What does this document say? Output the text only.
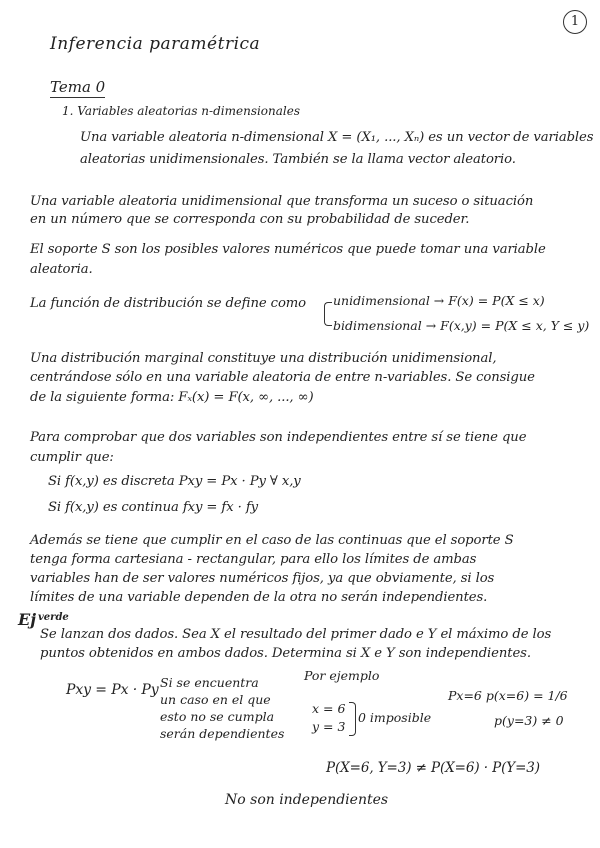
1
Inferencia paramétrica
Tema 0
1. Variables aleatorias n-dimensionales
Una variable aleatoria n-dimensional X = (X₁, ..., Xₙ) es un vector de variables
aleatorias unidimensionales. También se la llama vector aleatorio.
Una variable aleatoria unidimensional que transforma un suceso o situación
en un número que se corresponda con su probabilidad de suceder.
El soporte S son los posibles valores numéricos que puede tomar una variable
aleatoria.
La función de distribución se define como unidimensional → F(x) = P(X ≤ x)
bidimensional → F(x,y) = P(X ≤ x, Y ≤ y)
Una distribución marginal constituye una distribución unidimensional,
centrándose sólo en una variable aleatoria de entre n-variables. Se consigue
de la siguiente forma: Fₓ(x) = F(x, ∞, ..., ∞)
Para comprobar que dos variables son independientes entre sí se tiene que
cumplir que:
Si f(x,y) es discreta Pxy = Px · Py ∀ x,y
Si f(x,y) es continua fxy = fx · fy
Además se tiene que cumplir en el caso de las continuas que el soporte S
tenga forma cartesiana - rectangular, para ello los límites de ambas
variables han de ser valores numéricos fijos, ya que obviamente, si los
límites de una variable dependen de la otra no serán independientes.
Ej verde
Se lanzan dos dados. Sea X el resultado del primer dado e Y el máximo de los
puntos obtenidos en ambos dados. Determina si X e Y son independientes.
Pxy = Px · Py Si se encuentra
un caso en el que
esto no se cumpla
serán dependientes
Por ejemplo
x = 6
y = 3
0 imposible
Px=6 p(x=6) = 1/6
p(y=3) ≠ 0
P(X=6, Y=3) ≠ P(X=6) · P(Y=3)
No son independientes
